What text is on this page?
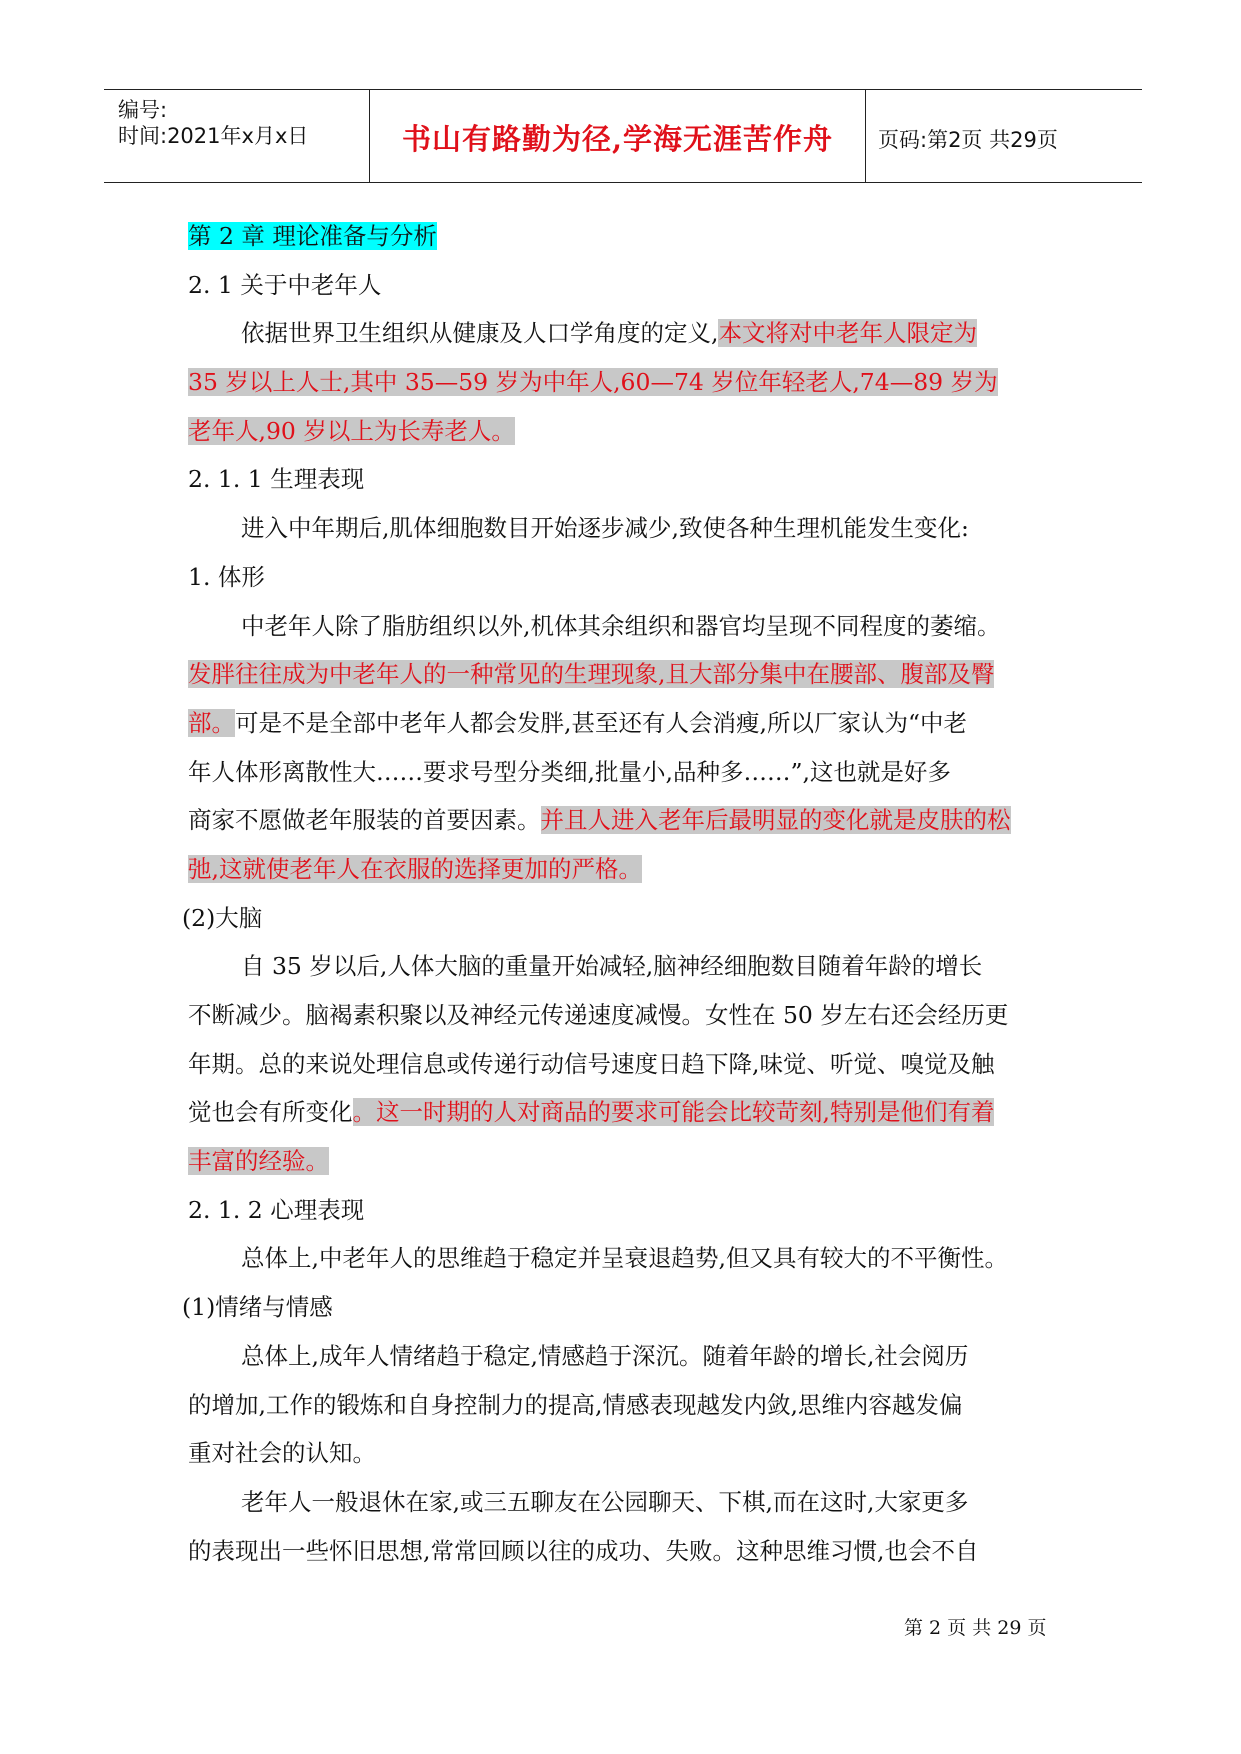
编号:
时间:2021年x月x日	书山有路勤为径,学海无涯苦作舟	页码:第2页 共29页
第 2 章 理论准备与分析
2. 1 关于中老年人
依据世界卫生组织从健康及人口学角度的定义,本文将对中老年人限定为
35 岁以上人士,其中 35—59 岁为中年人,60—74 岁位年轻老人,74—89 岁为
老年人,90 岁以上为长寿老人。
2. 1. 1 生理表现
进入中年期后,肌体细胞数目开始逐步减少,致使各种生理机能发生变化:
1. 体形
中老年人除了脂肪组织以外,机体其余组织和器官均呈现不同程度的萎缩。
发胖往往成为中老年人的一种常见的生理现象,且大部分集中在腰部、腹部及臀
部。可是不是全部中老年人都会发胖,甚至还有人会消瘦,所以厂家认为“中老
年人体形离散性大……要求号型分类细,批量小,品种多……”,这也就是好多
商家不愿做老年服装的首要因素。并且人进入老年后最明显的变化就是皮肤的松
弛,这就使老年人在衣服的选择更加的严格。
(2)大脑
自 35 岁以后,人体大脑的重量开始减轻,脑神经细胞数目随着年龄的增长
不断减少。脑褐素积聚以及神经元传递速度减慢。女性在 50 岁左右还会经历更
年期。总的来说处理信息或传递行动信号速度日趋下降,味觉、听觉、嗅觉及触
觉也会有所变化。这一时期的人对商品的要求可能会比较苛刻,特别是他们有着
丰富的经验。
2. 1. 2 心理表现
总体上,中老年人的思维趋于稳定并呈衰退趋势,但又具有较大的不平衡性。
(1)情绪与情感
总体上,成年人情绪趋于稳定,情感趋于深沉。随着年龄的增长,社会阅历
的增加,工作的锻炼和自身控制力的提高,情感表现越发内敛,思维内容越发偏
重对社会的认知。
老年人一般退休在家,或三五聊友在公园聊天、下棋,而在这时,大家更多
的表现出一些怀旧思想,常常回顾以往的成功、失败。这种思维习惯,也会不自
第 2 页 共 29 页
